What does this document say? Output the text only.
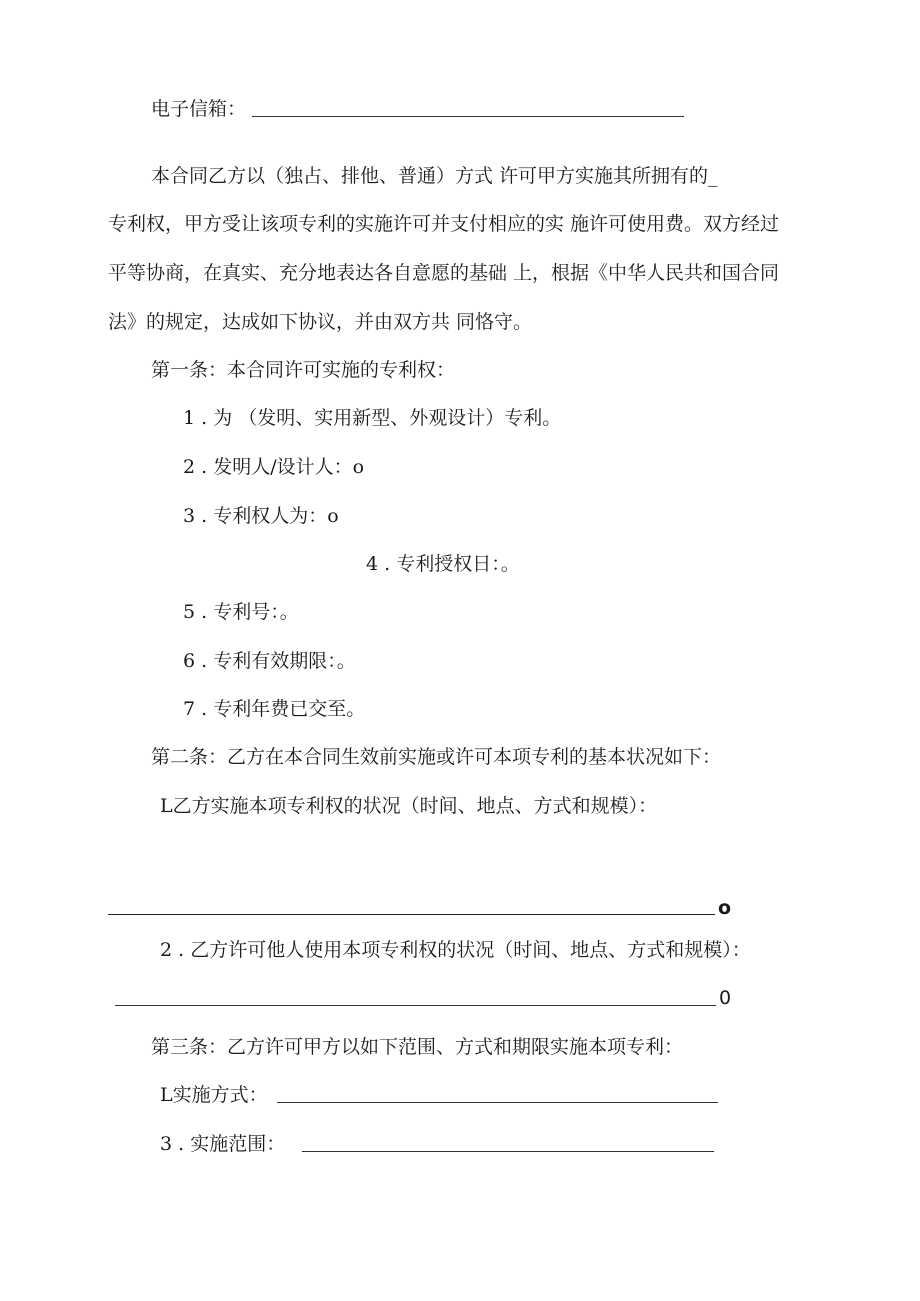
电子信箱：
本合同乙方以（独占、排他、普通）方式 许可甲方实施其所拥有的_
专利权，甲方受让该项专利的实施许可并支付相应的实 施许可使用费。双方经过
平等协商，在真实、充分地表达各自意愿的基础 上，根据《中华人民共和国合同
法》的规定，达成如下协议，并由双方共 同恪守。
第一条：本合同许可实施的专利权：
1 . 为 （发明、实用新型、外观设计）专利。
2 . 发明人/设计人：o
3 . 专利权人为：o
4 . 专利授权日：。
5 . 专利号：。
6 . 专利有效期限：。
7 . 专利年费已交至。
第二条：乙方在本合同生效前实施或许可本项专利的基本状况如下：
L乙方实施本项专利权的状况（时间、地点、方式和规模）：
o
2 . 乙方许可他人使用本项专利权的状况（时间、地点、方式和规模）：
0
第三条：乙方许可甲方以如下范围、方式和期限实施本项专利：
L实施方式：
3 . 实施范围：
